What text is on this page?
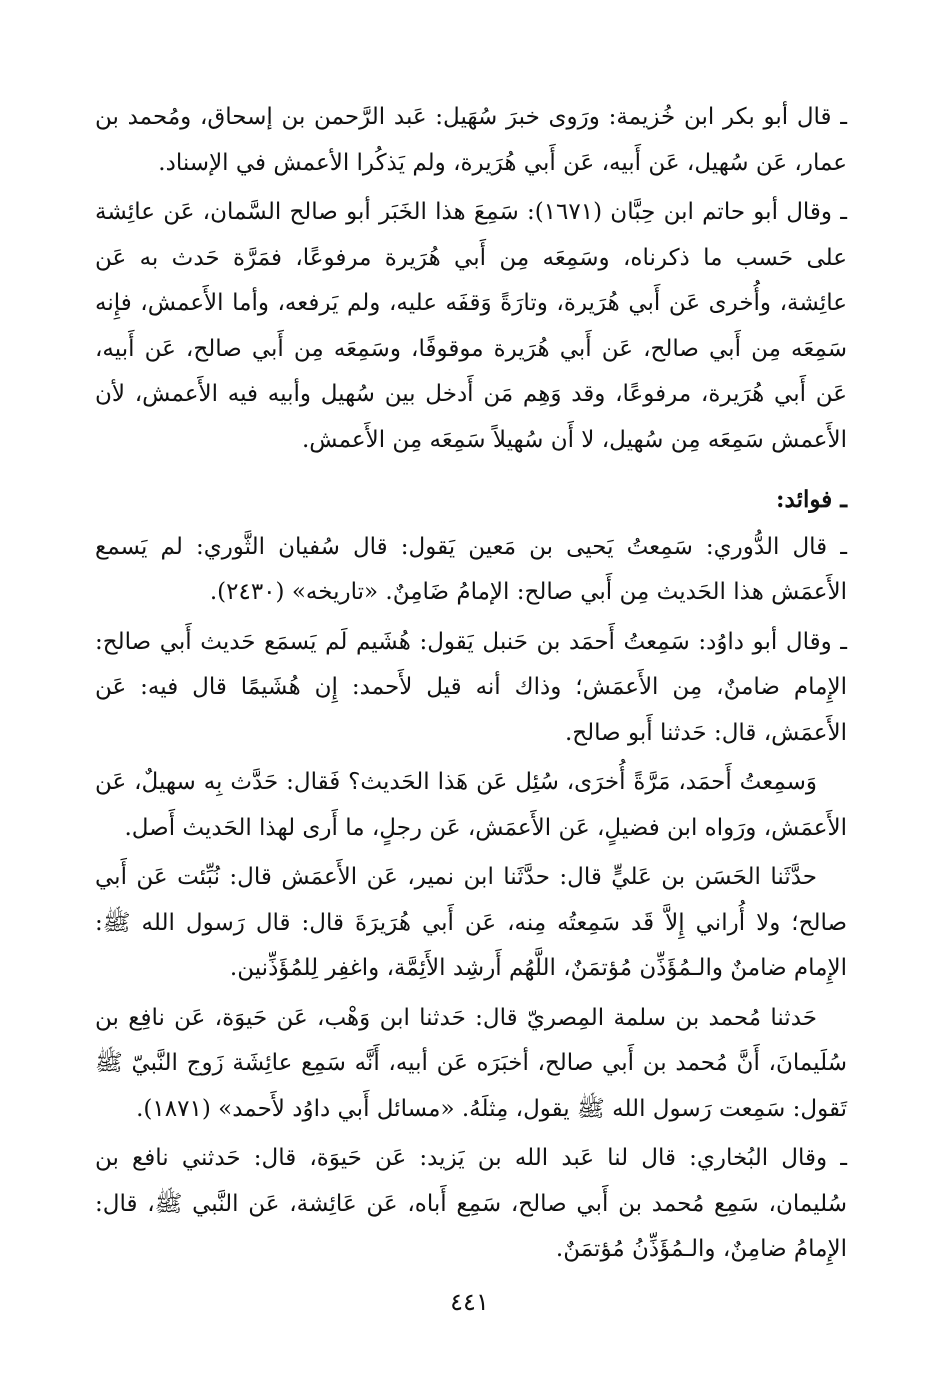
ـ قال أبو بكر ابن خُزيمة: ورَوى خبرَ سُهَيل: عَبد الرَّحمن بن إسحاق، ومُحمد بن عمار، عَن سُهيل، عَن أَبيه، عَن أَبي هُرَيرة، ولم يَذكُرا الأعمش في الإسناد.

ـ وقال أبو حاتم ابن حِبَّان (١٦٧١): سَمِعَ هذا الخَبَر أبو صالح السَّمان، عَن عائِشة على حَسب ما ذكرناه، وسَمِعَه مِن أَبي هُرَيرة مرفوعًا، فمَرَّة حَدث به عَن عائِشة، وأُخرى عَن أَبي هُرَيرة، وتارَةً وَقفَه عليه، ولم يَرفعه، وأما الأَعمش، فإِنه سَمِعَه مِن أَبي صالح، عَن أَبي هُرَيرة موقوفًا، وسَمِعَه مِن أَبي صالح، عَن أَبيه، عَن أَبي هُرَيرة، مرفوعًا، وقد وَهِم مَن أَدخل بين سُهيل وأبيه فيه الأَعمش، لأن الأَعمش سَمِعَه مِن سُهيل، لا أَن سُهيلاً سَمِعَه مِن الأَعمش.

ـ فوائد:

ـ قال الدُّوري: سَمِعتُ يَحيى بن مَعين يَقول: قال سُفيان الثَّوري: لم يَسمع الأَعمَش هذا الحَديث مِن أَبي صالح: الإمامُ ضَامِنٌ. «تاريخه» (٢٤٣٠).

ـ وقال أبو داوُد: سَمِعتُ أَحمَد بن حَنبل يَقول: هُشَيم لَم يَسمَع حَديث أَبي صالح: الإِمام ضامنٌ، مِن الأَعمَش؛ وذاك أنه قيل لأَحمد: إِن هُشَيمًا قال فيه: عَن الأَعمَش، قال: حَدثنا أَبو صالح.

وَسمِعتُ أَحمَد، مَرَّةً أُخرَى، سُئِل عَن هَذا الحَديث؟ فَقال: حَدَّث بِه سهيلٌ، عَن الأَعمَش، ورَواه ابن فضيلٍ، عَن الأَعمَش، عَن رجلٍ، ما أَرى لهذا الحَديث أَصل.

حدَّثَنا الحَسَن بن عَليٍّ قال: حدَّثَنا ابن نمير، عَن الأَعمَش قال: نُبِّئت عَن أَبي صالح؛ ولا أُراني إِلاَّ قَد سَمِعتُه مِنه، عَن أَبي هُرَيرَةَ قال: قال رَسول الله ﷺ: الإِمام ضامنٌ والـمُؤَذِّن مُؤتمَنٌ، اللَّهُم أَرشِد الأَئِمَّة، واغفِر لِلمُؤَذِّنين.

حَدثنا مُحمد بن سلمة المِصريّ قال: حَدثنا ابن وَهْب، عَن حَيوَة، عَن نافِع بن سُلَيمانَ، أَنَّ مُحمد بن أَبي صالح، أخبَرَه عَن أبيه، أَنَّه سَمِع عائِشَة زَوج النَّبيّ ﷺ تَقول: سَمِعت رَسول الله ﷺ يقول، مِثلَهُ. «مسائل أَبي داوُد لأَحمد» (١٨٧١).

ـ وقال البُخاري: قال لنا عَبد الله بن يَزيد: عَن حَيوَة، قال: حَدثني نافع بن سُليمان، سَمِع مُحمد بن أَبي صالح، سَمِع أَباه، عَن عَائِشة، عَن النَّبي ﷺ، قال: الإِمامُ ضامِنٌ، والـمُؤَذِّنُ مُؤتمَنٌ.

٤٤١
